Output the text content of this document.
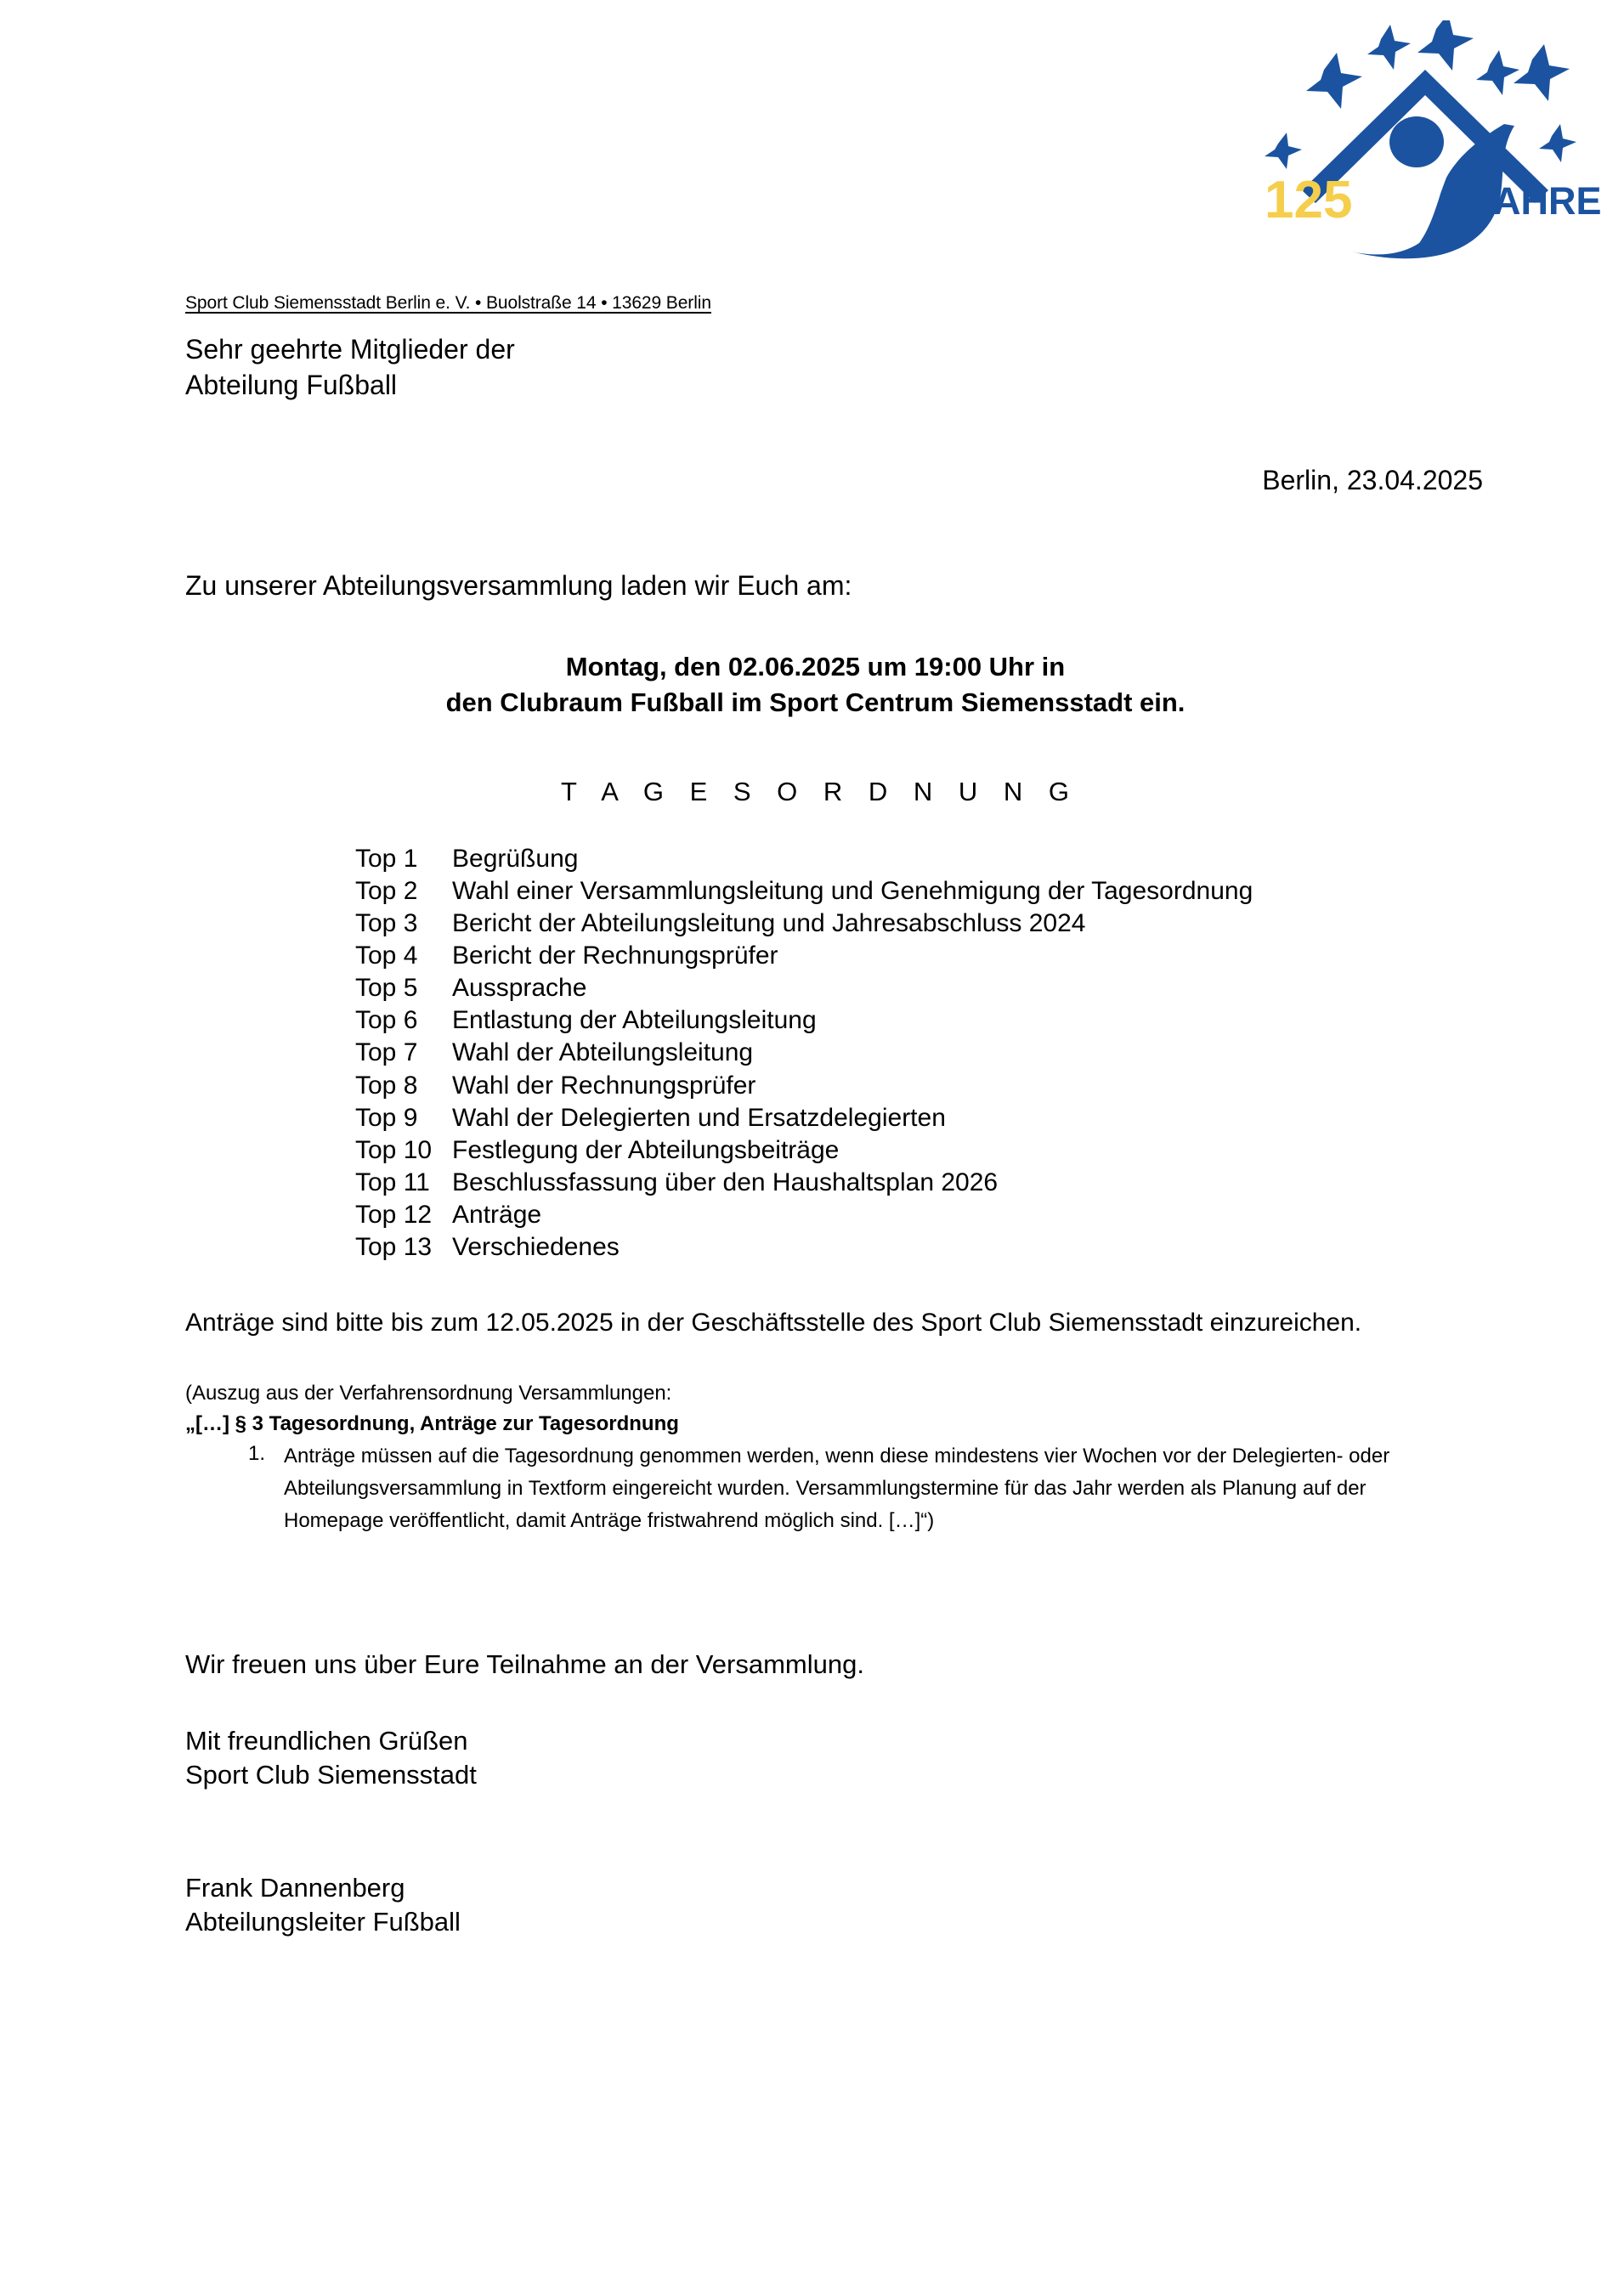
125	JAHRE
Sport Club Siemensstadt Berlin e. V. • Buolstraße 14 • 13629 Berlin
Sehr geehrte Mitglieder der
Abteilung Fußball
Berlin, 23.04.2025
Zu unserer Abteilungsversammlung laden wir Euch am:
Montag, den 02.06.2025 um 19:00 Uhr in
den Clubraum Fußball im Sport Centrum Siemensstadt ein.
T A G E S O R D N U N G
Top 1	Begrüßung
Top 2	Wahl einer Versammlungsleitung und Genehmigung der Tagesordnung
Top 3	Bericht der Abteilungsleitung und Jahresabschluss 2024
Top 4	Bericht der Rechnungsprüfer
Top 5	Aussprache
Top 6	Entlastung der Abteilungsleitung
Top 7	Wahl der Abteilungsleitung
Top 8	Wahl der Rechnungsprüfer
Top 9	Wahl der Delegierten und Ersatzdelegierten
Top 10 Festlegung der Abteilungsbeiträge
Top 11 Beschlussfassung über den Haushaltsplan 2026
Top 12 Anträge
Top 13 Verschiedenes
Anträge sind bitte bis zum 12.05.2025 in der Geschäftsstelle des Sport Club Siemensstadt einzureichen.
(Auszug aus der Verfahrensordnung Versammlungen:
„[…] § 3 Tagesordnung, Anträge zur Tagesordnung
1. Anträge müssen auf die Tagesordnung genommen werden, wenn diese mindestens vier Wochen vor der Delegierten- oder Abteilungsversammlung in Textform eingereicht wurden. Versammlungstermine für das Jahr werden als Planung auf der Homepage veröffentlicht, damit Anträge fristwahrend möglich sind. […]“)
Wir freuen uns über Eure Teilnahme an der Versammlung.
Mit freundlichen Grüßen
Sport Club Siemensstadt
Frank Dannenberg
Abteilungsleiter Fußball
